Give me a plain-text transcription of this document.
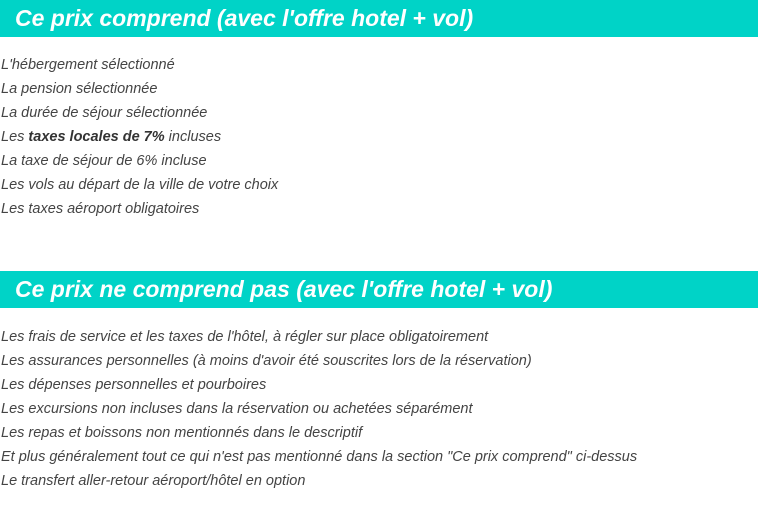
Ce prix comprend (avec l'offre hotel + vol)
L'hébergement sélectionné
La pension sélectionnée
La durée de séjour sélectionnée
Les taxes locales de 7% incluses
La taxe de séjour de 6% incluse
Les vols au départ de la ville de votre choix
Les taxes aéroport obligatoires
Ce prix ne comprend pas (avec l'offre hotel + vol)
Les frais de service et les taxes de l'hôtel, à régler sur place obligatoirement
Les assurances personnelles (à moins d'avoir été souscrites lors de la réservation)
Les dépenses personnelles et pourboires
Les excursions non incluses dans la réservation ou achetées séparément
Les repas et boissons non mentionnés dans le descriptif
Et plus généralement tout ce qui n'est pas mentionné dans la section "Ce prix comprend" ci-dessus
Le transfert aller-retour aéroport/hôtel en option
